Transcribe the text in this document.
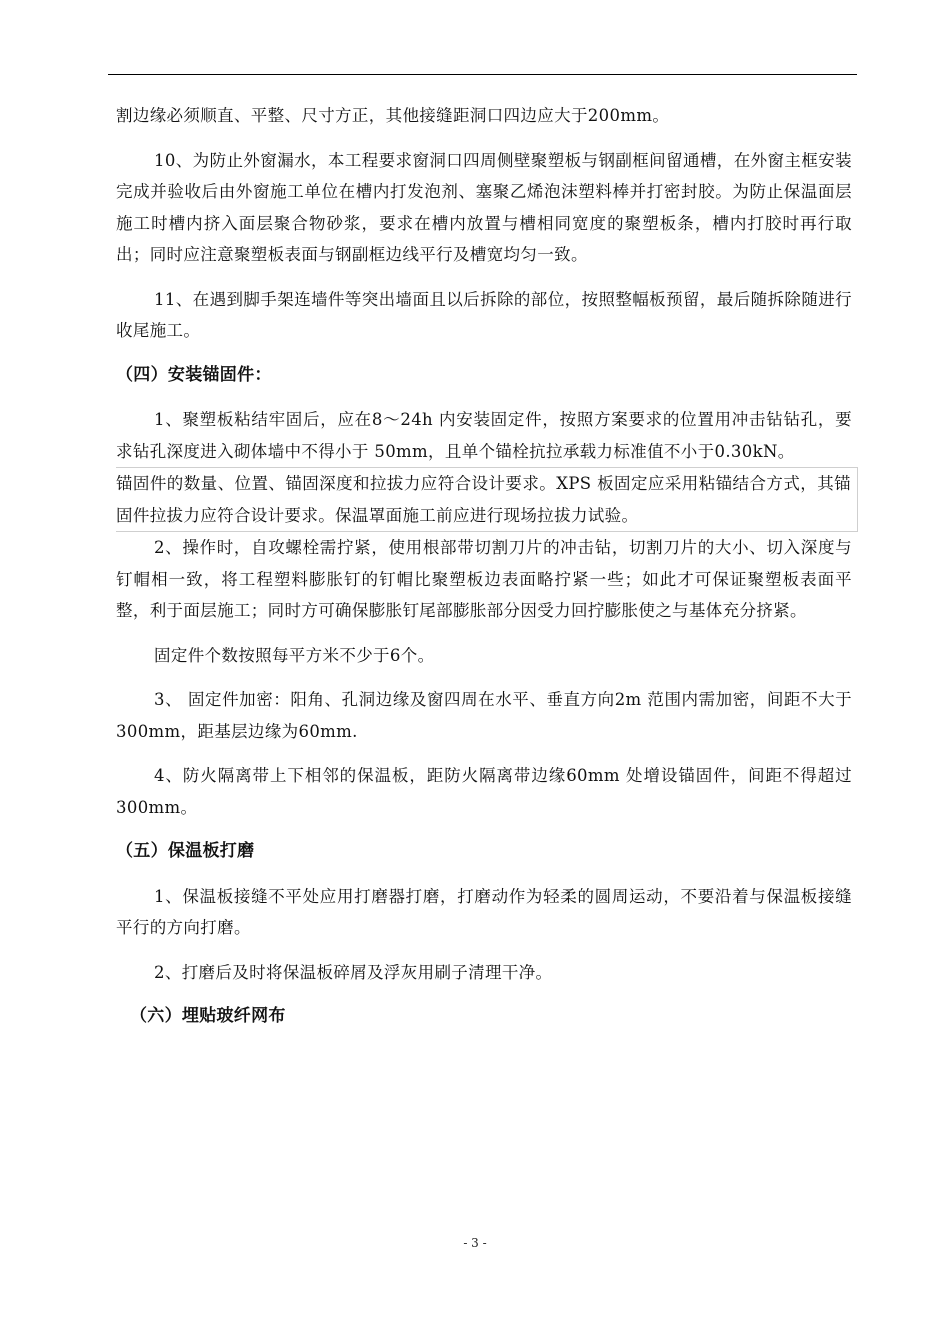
割边缘必须顺直、平整、尺寸方正，其他接缝距洞口四边应大于200mm。

10、为防止外窗漏水，本工程要求窗洞口四周侧壁聚塑板与钢副框间留通槽，在外窗主框安装完成并验收后由外窗施工单位在槽内打发泡剂、塞聚乙烯泡沫塑料棒并打密封胶。为防止保温面层施工时槽内挤入面层聚合物砂浆，要求在槽内放置与槽相同宽度的聚塑板条，槽内打胶时再行取出；同时应注意聚塑板表面与钢副框边线平行及槽宽均匀一致。

11、在遇到脚手架连墙件等突出墙面且以后拆除的部位，按照整幅板预留，最后随拆除随进行收尾施工。

（四）安装锚固件：

1、聚塑板粘结牢固后，应在8～24h 内安装固定件，按照方案要求的位置用冲击钻钻孔，要求钻孔深度进入砌体墙中不得小于 50mm，且单个锚栓抗拉承载力标准值不小于0.30kN。

锚固件的数量、位置、锚固深度和拉拔力应符合设计要求。XPS 板固定应采用粘锚结合方式，其锚固件拉拔力应符合设计要求。保温罩面施工前应进行现场拉拔力试验。

2、操作时，自攻螺栓需拧紧，使用根部带切割刀片的冲击钻，切割刀片的大小、切入深度与钉帽相一致，将工程塑料膨胀钉的钉帽比聚塑板边表面略拧紧一些；如此才可保证聚塑板表面平整，利于面层施工；同时方可确保膨胀钉尾部膨胀部分因受力回拧膨胀使之与基体充分挤紧。

固定件个数按照每平方米不少于6个。

3、 固定件加密：阳角、孔洞边缘及窗四周在水平、垂直方向2m 范围内需加密，间距不大于300mm，距基层边缘为60mm.

4、防火隔离带上下相邻的保温板，距防火隔离带边缘60mm 处增设锚固件，间距不得超过300mm。

（五）保温板打磨

1、保温板接缝不平处应用打磨器打磨，打磨动作为轻柔的圆周运动，不要沿着与保温板接缝平行的方向打磨。

2、打磨后及时将保温板碎屑及浮灰用刷子清理干净。

（六）埋贴玻纤网布

- 3 -
